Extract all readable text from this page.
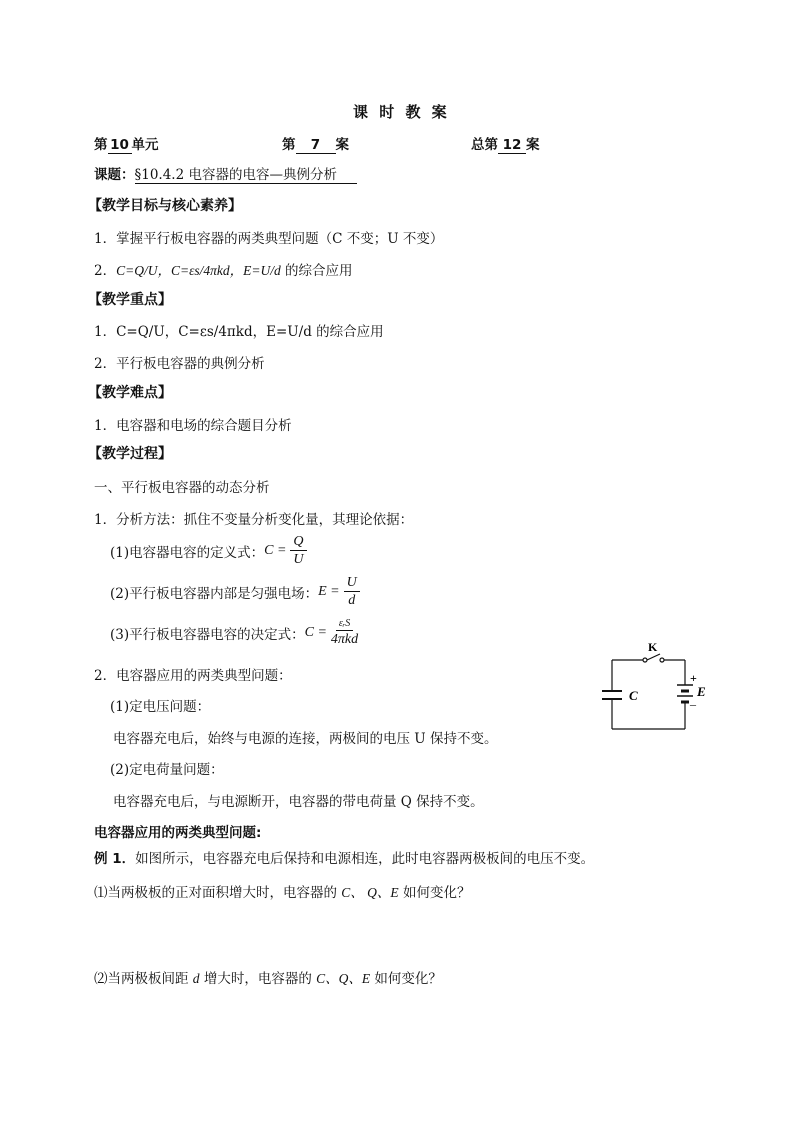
课 时 教 案
第 10 单元	第 7 案	总第 12 案
课题：§10.4.2 电容器的电容—典例分析
【教学目标与核心素养】
1．掌握平行板电容器的两类典型问题（C 不变；U 不变）
2．C=Q/U，C=εs/4πkd，E=U/d 的综合应用
【教学重点】
1．C=Q/U，C=εs/4πkd，E=U/d 的综合应用
2．平行板电容器的典例分析
【教学难点】
1．电容器和电场的综合题目分析
【教学过程】
一、平行板电容器的动态分析
1．分析方法：抓住不变量分析变化量，其理论依据：
(1)电容器电容的定义式： $C = \frac{Q}{U}$
(2)平行板电容器内部是匀强电场： $E = \frac{U}{d}$
(3)平行板电容器电容的决定式： $C = \frac{\text{εᵣS}}{\text{4πkd}}$
2．电容器应用的两类典型问题：
(1)定电压问题：
电容器充电后，始终与电源的连接，两极间的电压 U 保持不变。
(2)定电荷量问题：
电容器充电后，与电源断开，电容器的带电荷量 Q 保持不变。
电容器应用的两类典型问题:
例 1．如图所示，电容器充电后保持和电源相连，此时电容器两极板间的电压不变。
⑴当两极板的正对面积增大时，电容器的 C、 Q、E 如何变化？
⑵当两极板间距 d 增大时，电容器的 C、Q、E 如何变化？
K
C
+
E
_
